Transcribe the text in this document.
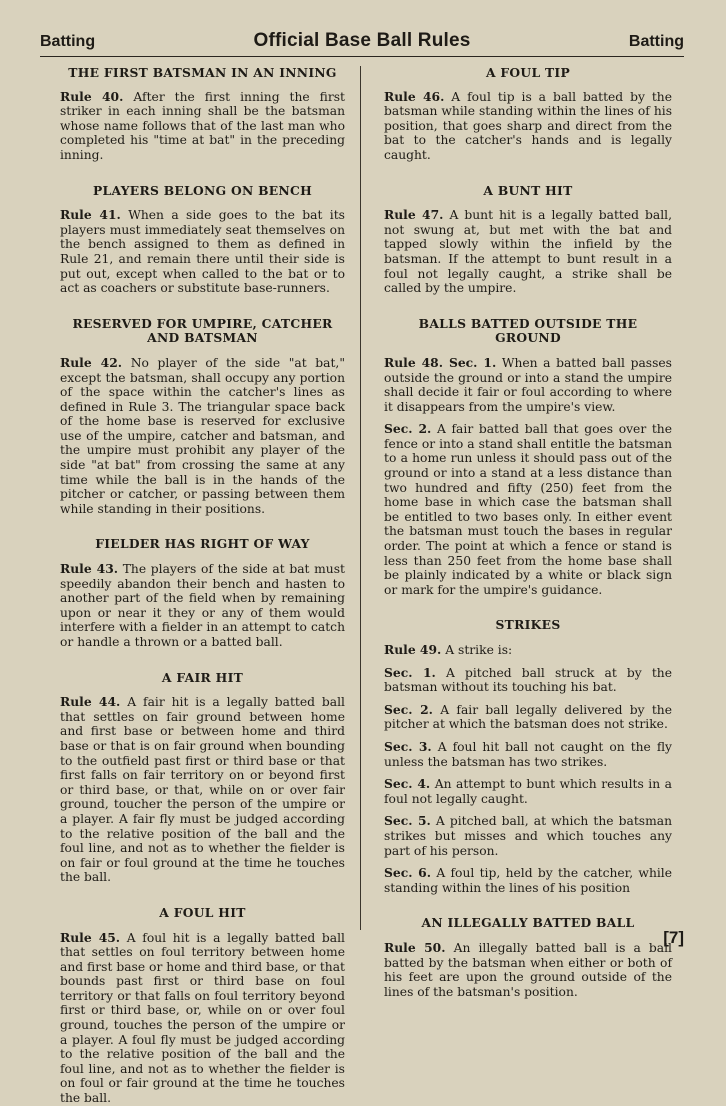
Batting	Official Base Ball Rules	Batting
THE FIRST BATSMAN IN AN INNING

Rule 40. After the first inning the first striker in each inning shall be the batsman whose name follows that of the last man who completed his "time at bat" in the preceding inning.

PLAYERS BELONG ON BENCH

Rule 41. When a side goes to the bat its players must immediately seat themselves on the bench assigned to them as defined in Rule 21, and remain there until their side is put out, except when called to the bat or to act as coachers or substitute base-runners.

RESERVED FOR UMPIRE, CATCHER AND BATSMAN

Rule 42. No player of the side "at bat," except the batsman, shall occupy any portion of the space within the catcher's lines as defined in Rule 3. The triangular space back of the home base is reserved for exclusive use of the umpire, catcher and batsman, and the umpire must prohibit any player of the side "at bat" from crossing the same at any time while the ball is in the hands of the pitcher or catcher, or passing between them while standing in their positions.

FIELDER HAS RIGHT OF WAY

Rule 43. The players of the side at bat must speedily abandon their bench and hasten to another part of the field when by remaining upon or near it they or any of them would interfere with a fielder in an attempt to catch or handle a thrown or a batted ball.

A FAIR HIT

Rule 44. A fair hit is a legally batted ball that settles on fair ground between home and first base or between home and third base or that is on fair ground when bounding to the outfield past first or third base or that first falls on fair territory on or beyond first or third base, or that, while on or over fair ground, toucher the person of the umpire or a player. A fair fly must be judged according to the relative position of the ball and the foul line, and not as to whether the fielder is on fair or foul ground at the time he touches the ball.

A FOUL HIT

Rule 45. A foul hit is a legally batted ball that settles on foul territory between home and first base or home and third base, or that bounds past first or third base on foul territory or that falls on foul territory beyond first or third base, or, while on or over foul ground, touches the person of the umpire or a player. A foul fly must be judged according to the relative position of the ball and the foul line, and not as to whether the fielder is on foul or fair ground at the time he touches the ball.

A FOUL TIP

Rule 46. A foul tip is a ball batted by the batsman while standing within the lines of his position, that goes sharp and direct from the bat to the catcher's hands and is legally caught.

A BUNT HIT

Rule 47. A bunt hit is a legally batted ball, not swung at, but met with the bat and tapped slowly within the infield by the batsman. If the attempt to bunt result in a foul not legally caught, a strike shall be called by the umpire.

BALLS BATTED OUTSIDE THE GROUND

Rule 48. Sec. 1. When a batted ball passes outside the ground or into a stand the umpire shall decide it fair or foul according to where it disappears from the umpire's view.

Sec. 2. A fair batted ball that goes over the fence or into a stand shall entitle the batsman to a home run unless it should pass out of the ground or into a stand at a less distance than two hundred and fifty (250) feet from the home base in which case the batsman shall be entitled to two bases only. In either event the batsman must touch the bases in regular order. The point at which a fence or stand is less than 250 feet from the home base shall be plainly indicated by a white or black sign or mark for the umpire's guidance.

STRIKES

Rule 49. A strike is:

Sec. 1. A pitched ball struck at by the batsman without its touching his bat.

Sec. 2. A fair ball legally delivered by the pitcher at which the batsman does not strike.

Sec. 3. A foul hit ball not caught on the fly unless the batsman has two strikes.

Sec. 4. An attempt to bunt which results in a foul not legally caught.

Sec. 5. A pitched ball, at which the batsman strikes but misses and which touches any part of his person.

Sec. 6. A foul tip, held by the catcher, while standing within the lines of his position

AN ILLEGALLY BATTED BALL

Rule 50. An illegally batted ball is a ball batted by the batsman when either or both of his feet are upon the ground outside of the lines of the batsman's position.

[7]
